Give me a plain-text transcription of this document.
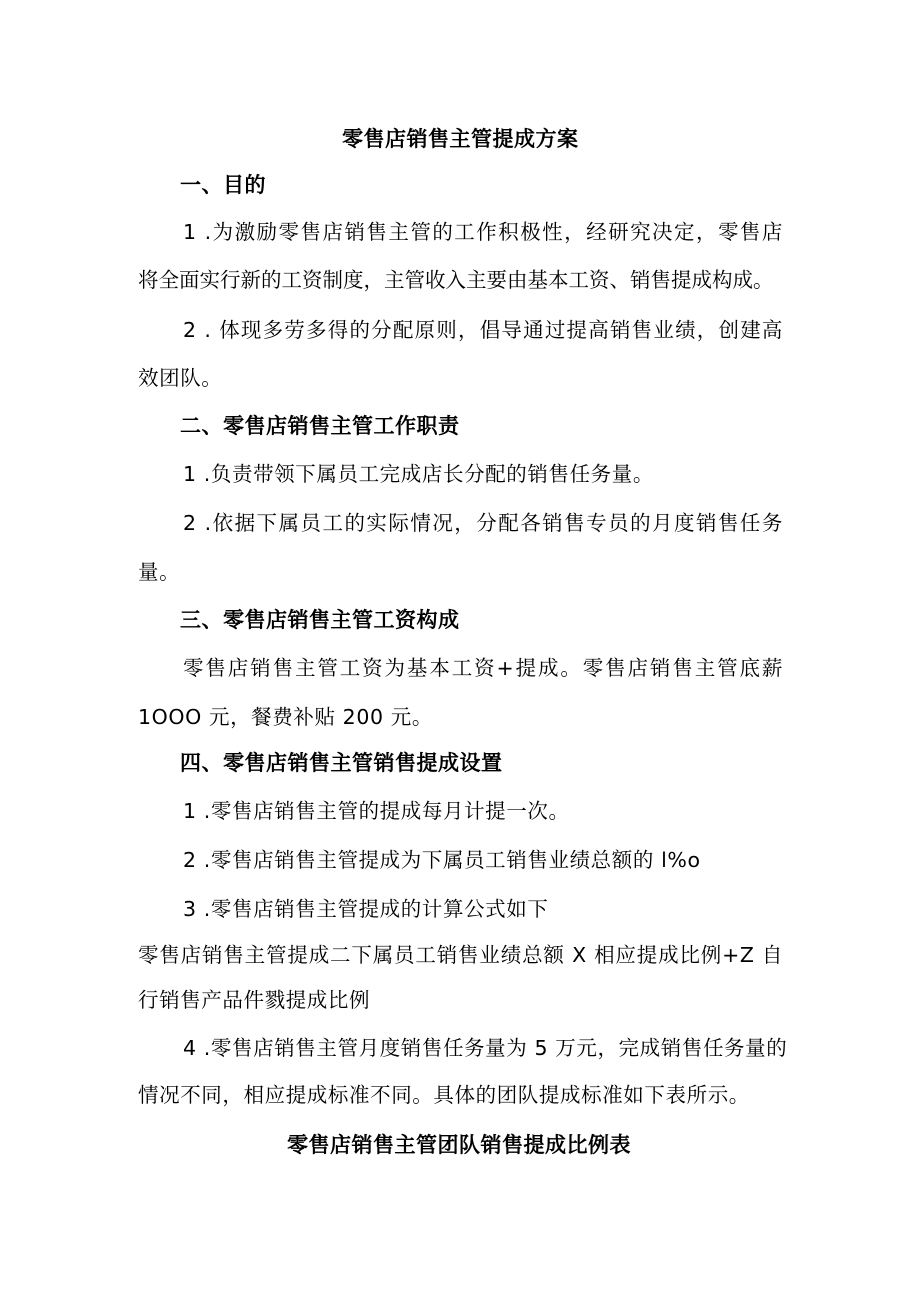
零售店销售主管提成方案
一、目的
1 .为激励零售店销售主管的工作积极性，经研究决定，零售店
将全面实行新的工资制度，主管收入主要由基本工资、销售提成构成。
2 . 体现多劳多得的分配原则，倡导通过提高销售业绩，创建高
效团队。
二、零售店销售主管工作职责
1 .负责带领下属员工完成店长分配的销售任务量。
2 .依据下属员工的实际情况，分配各销售专员的月度销售任务
量。
三、零售店销售主管工资构成
零售店销售主管工资为基本工资+提成。零售店销售主管底薪
1OOO 元，餐费补贴 200 元。
四、零售店销售主管销售提成设置
1 .零售店销售主管的提成每月计提一次。
2 .零售店销售主管提成为下属员工销售业绩总额的 l%o
3 .零售店销售主管提成的计算公式如下
零售店销售主管提成二下属员工销售业绩总额 X 相应提成比例+Z 自
行销售产品件戮提成比例
4 .零售店销售主管月度销售任务量为 5 万元，完成销售任务量的
情况不同，相应提成标准不同。具体的团队提成标准如下表所示。
零售店销售主管团队销售提成比例表
